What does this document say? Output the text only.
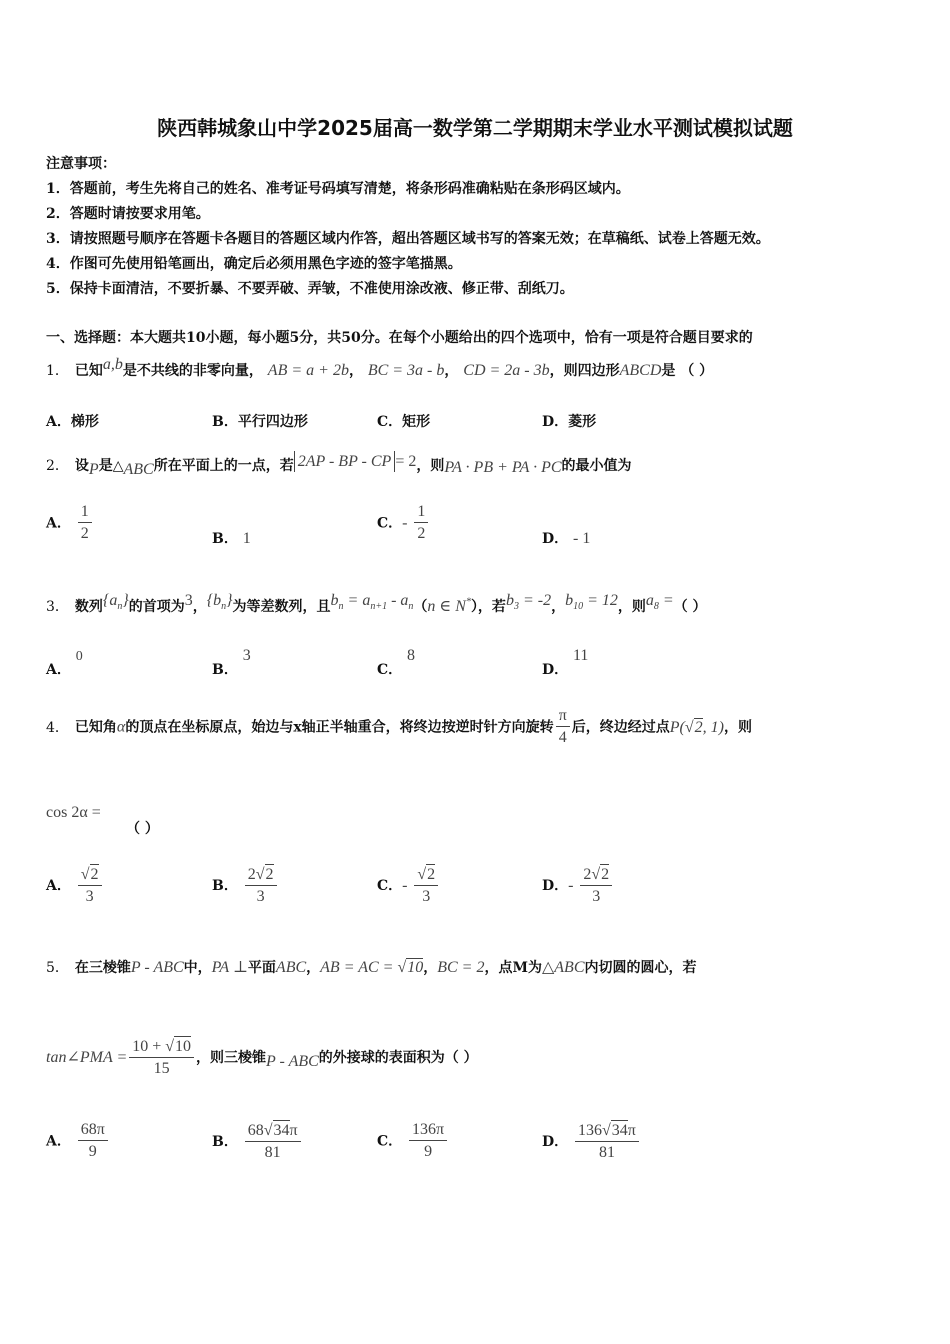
陕西韩城象山中学2025届高一数学第二学期期末学业水平测试模拟试题
注意事项：
1．答题前，考生先将自己的姓名、准考证号码填写清楚，将条形码准确粘贴在条形码区域内。
2．答题时请按要求用笔。
3．请按照题号顺序在答题卡各题目的答题区域内作答，超出答题区域书写的答案无效；在草稿纸、试卷上答题无效。
4．作图可先使用铅笔画出，确定后必须用黑色字迹的签字笔描黑。
5．保持卡面清洁，不要折暴、不要弄破、弄皱，不准使用涂改液、修正带、刮纸刀。
一、选择题：本大题共10小题，每小题5分，共50分。在每个小题给出的四个选项中，恰有一项是符合题目要求的
1． 已知a,b是不共线的非零向量， AB = a + 2b， BC = 3a - b， CD = 2a - 3b，则四边形ABCD是 （ ）
A．梯形	B．平行四边形	C．矩形	D．菱形
2． 设P是△ABC所在平面上的一点，若 2AP - BP - CP = 2，则PA · PB + PA · PC的最小值为
A． $\frac{1}{2}$	B． 1
C．- $\frac{1}{2}$	D． - 1
3． 数列$\{a_n\}$的首项为3，$\{b_n\}$为等差数列，且$b_n = a_{n+1} - a_n(n$ ∈ N*），若$b_3 = -2$，$b_{10} = 12$，则$a_8$ =（ ）
A． 0
B． 3
C． 8
D． 11
4． 已知角α的顶点在坐标原点，始边与x轴正半轴重合，将终边按逆时针方向旋转 $\frac{\pi}{4}$ 后，终边经过点P(√2, 1)，则
cos 2α =
（ ）
A． $\frac{√2}{3}$	B． $\frac{2√2}{3}$	C．- $\frac{√2}{3}$	D．- $\frac{2√2}{3}$
5． 在三棱锥P - ABC中，PA ⊥平面ABC，AB = AC = √10，BC = 2，点M为△ABC内切圆的圆心，若
tan∠PMA = $\frac{10 + √10}{15}$ ，则三棱锥P - ABC的外接球的表面积为（ ）
A． $\frac{68\pi}{9}$	B． $\frac{68√34\pi}{81}$	C． $\frac{136\pi}{9}$	D． $\frac{136√34\pi}{81}$
